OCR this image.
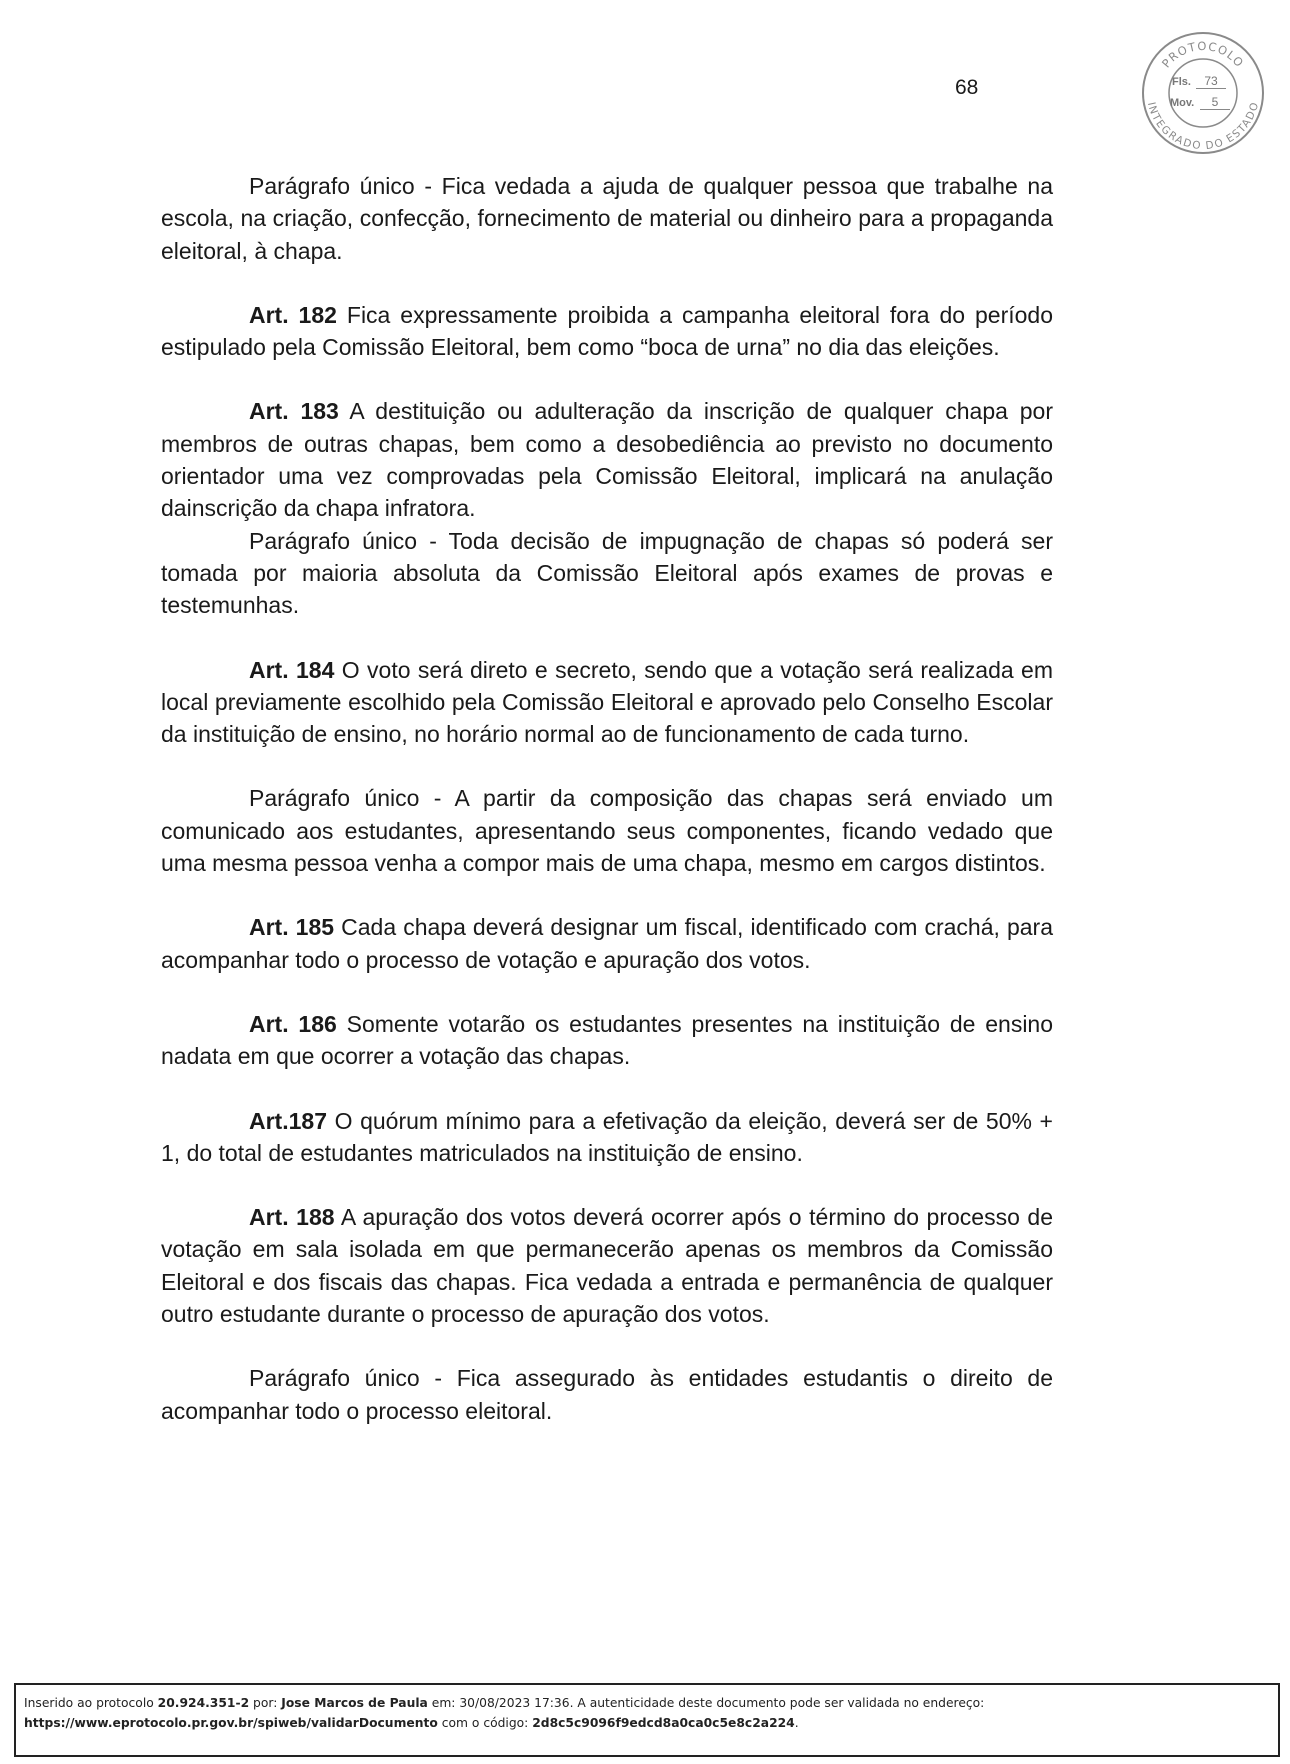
68
PROTOCOLO
INTEGRADO DO ESTADO
Fls.	73
Mov.	5

Parágrafo único - Fica vedada a ajuda de qualquer pessoa que trabalhe na escola, na criação, confecção, fornecimento de material ou dinheiro para a propaganda eleitoral, à chapa.

Art. 182 Fica expressamente proibida a campanha eleitoral fora do período estipulado pela Comissão Eleitoral, bem como “boca de urna” no dia das eleições.

Art. 183 A destituição ou adulteração da inscrição de qualquer chapa por membros de outras chapas, bem como a desobediência ao previsto no documento orientador uma vez comprovadas pela Comissão Eleitoral, implicará na anulação dainscrição da chapa infratora.

Parágrafo único - Toda decisão de impugnação de chapas só poderá ser tomada por maioria absoluta da Comissão Eleitoral após exames de provas e testemunhas.

Art. 184 O voto será direto e secreto, sendo que a votação será realizada em local previamente escolhido pela Comissão Eleitoral e aprovado pelo Conselho Escolar da instituição de ensino, no horário normal ao de funcionamento de cada turno.

Parágrafo único - A partir da composição das chapas será enviado um comunicado aos estudantes, apresentando seus componentes, ficando vedado que uma mesma pessoa venha a compor mais de uma chapa, mesmo em cargos distintos.

Art. 185 Cada chapa deverá designar um fiscal, identificado com crachá, para acompanhar todo o processo de votação e apuração dos votos.

Art. 186 Somente votarão os estudantes presentes na instituição de ensino nadata em que ocorrer a votação das chapas.

Art.187 O quórum mínimo para a efetivação da eleição, deverá ser de 50% + 1, do total de estudantes matriculados na instituição de ensino.

Art. 188 A apuração dos votos deverá ocorrer após o término do processo de votação em sala isolada em que permanecerão apenas os membros da Comissão Eleitoral e dos fiscais das chapas. Fica vedada a entrada e permanência de qualquer outro estudante durante o processo de apuração dos votos.

Parágrafo único - Fica assegurado às entidades estudantis o direito de acompanhar todo o processo eleitoral.

Inserido ao protocolo 20.924.351-2 por: Jose Marcos de Paula em: 30/08/2023 17:36. A autenticidade deste documento pode ser validada no endereço:
https://www.eprotocolo.pr.gov.br/spiweb/validarDocumento com o código: 2d8c5c9096f9edcd8a0ca0c5e8c2a224.
